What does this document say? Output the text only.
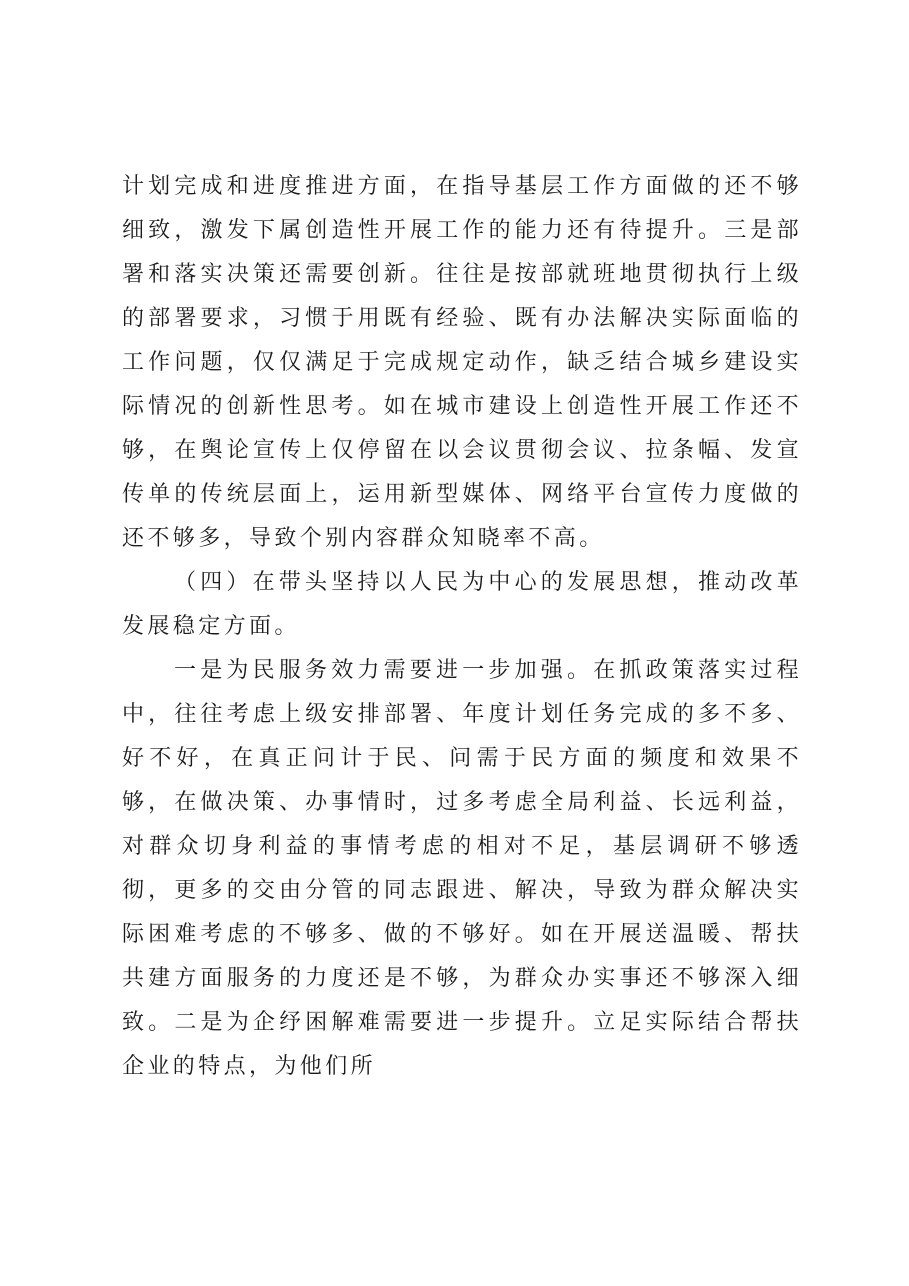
计划完成和进度推进方面，在指导基层工作方面做的还不够细致，激发下属创造性开展工作的能力还有待提升。三是部署和落实决策还需要创新。往往是按部就班地贯彻执行上级的部署要求，习惯于用既有经验、既有办法解决实际面临的工作问题，仅仅满足于完成规定动作，缺乏结合城乡建设实际情况的创新性思考。如在城市建设上创造性开展工作还不够，在舆论宣传上仅停留在以会议贯彻会议、拉条幅、发宣传单的传统层面上，运用新型媒体、网络平台宣传力度做的还不够多，导致个别内容群众知晓率不高。

（四）在带头坚持以人民为中心的发展思想，推动改革发展稳定方面。

一是为民服务效力需要进一步加强。在抓政策落实过程中，往往考虑上级安排部署、年度计划任务完成的多不多、好不好，在真正问计于民、问需于民方面的频度和效果不够，在做决策、办事情时，过多考虑全局利益、长远利益，对群众切身利益的事情考虑的相对不足，基层调研不够透彻，更多的交由分管的同志跟进、解决，导致为群众解决实际困难考虑的不够多、做的不够好。如在开展送温暖、帮扶共建方面服务的力度还是不够，为群众办实事还不够深入细致。二是为企纾困解难需要进一步提升。立足实际结合帮扶企业的特点，为他们所
